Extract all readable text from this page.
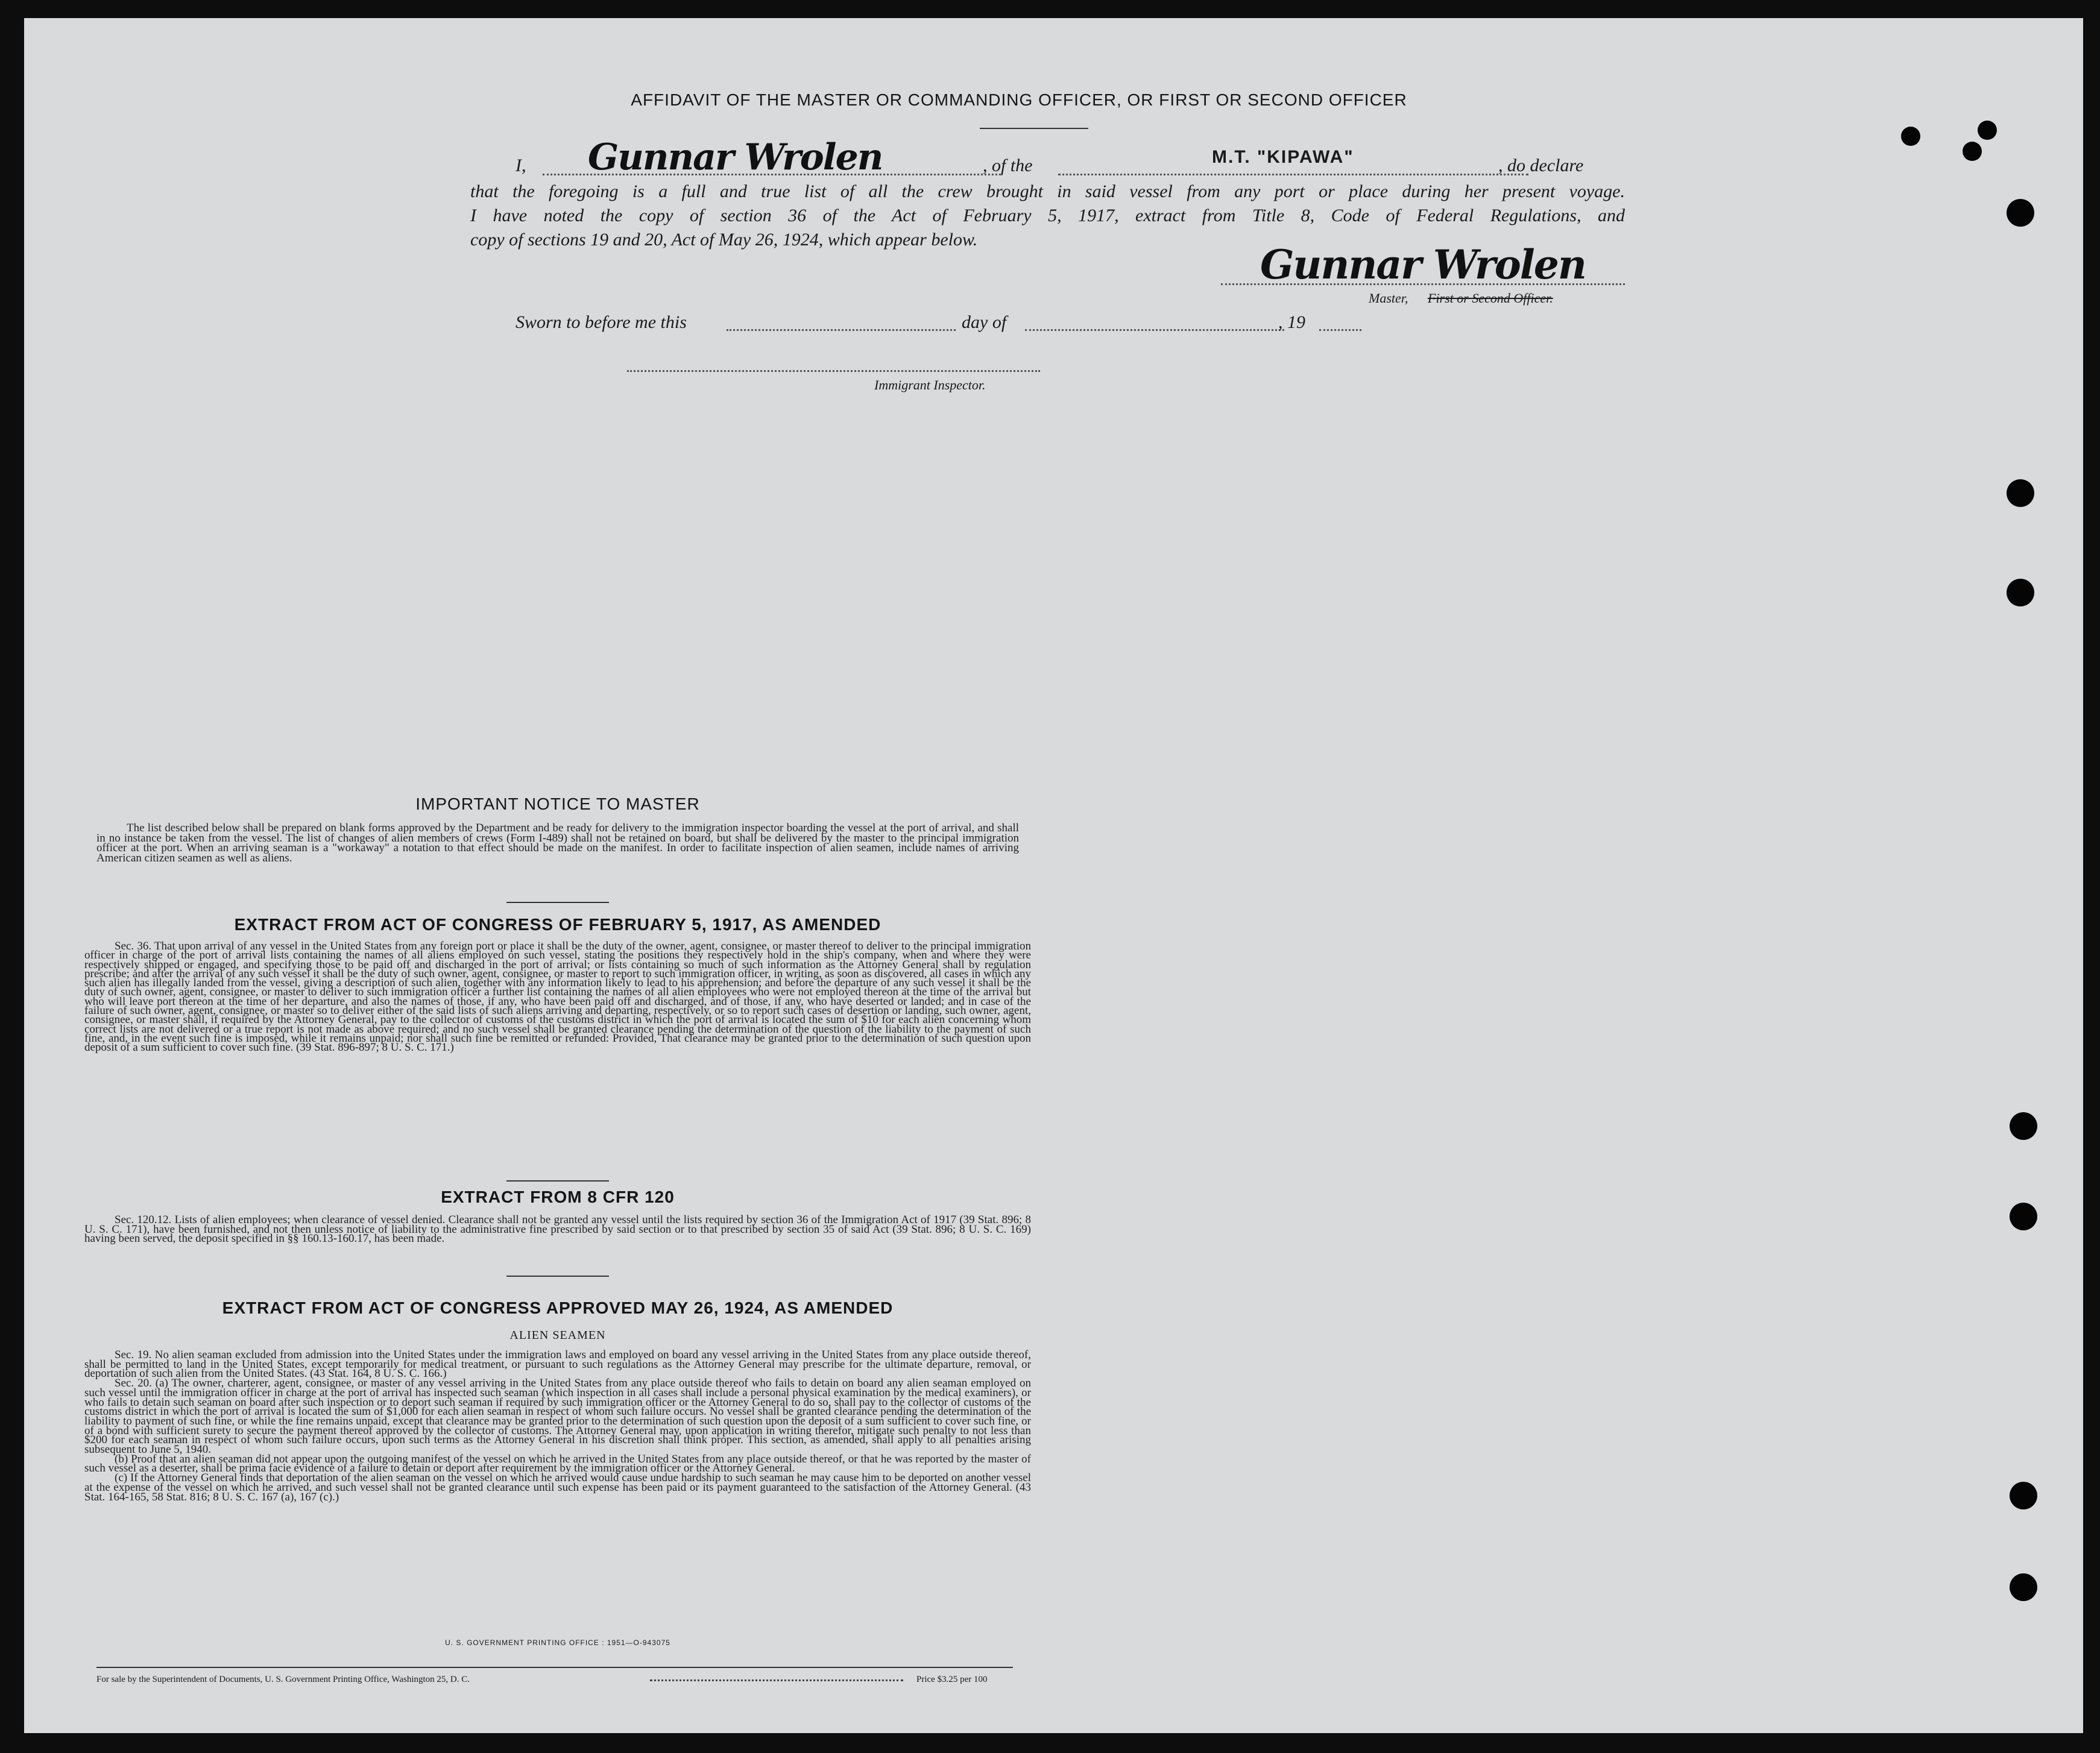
AFFIDAVIT OF THE MASTER OR COMMANDING OFFICER, OR FIRST OR SECOND OFFICER
I, Gunnar Wrolen	, of the	M.T. "KIPAWA"	, do declare
that the foregoing is a full and true list of all the crew brought in said vessel from any port or place during her present voyage.
I have noted the copy of section 36 of the Act of February 5, 1917, extract from Title 8, Code of Federal Regulations, and
copy of sections 19 and 20, Act of May 26, 1924, which appear below.
Gunnar Wrolen
Master, First or Second Officer.
Sworn to before me this	day of	, 19
Immigrant Inspector.
IMPORTANT NOTICE TO MASTER

The list described below shall be prepared on blank forms approved by the Department and be ready for delivery to the immigration inspector boarding the vessel at the port of arrival, and shall in no instance be taken from the vessel. The list of changes of alien members of crews (Form I-489) shall not be retained on board, but shall be delivered by the master to the principal immigration officer at the port. When an arriving seaman is a "workaway" a notation to that effect should be made on the manifest. In order to facilitate inspection of alien seamen, include names of arriving American citizen seamen as well as aliens.

EXTRACT FROM ACT OF CONGRESS OF FEBRUARY 5, 1917, AS AMENDED

Sec. 36. That upon arrival of any vessel in the United States from any foreign port or place it shall be the duty of the owner, agent, consignee, or master thereof to deliver to the principal immigration officer in charge of the port of arrival lists containing the names of all aliens employed on such vessel, stating the positions they respectively hold in the ship's company, when and where they were respectively shipped or engaged, and specifying those to be paid off and discharged in the port of arrival; or lists containing so much of such information as the Attorney General shall by regulation prescribe; and after the arrival of any such vessel it shall be the duty of such owner, agent, consignee, or master to report to such immigration officer, in writing, as soon as discovered, all cases in which any such alien has illegally landed from the vessel, giving a description of such alien, together with any information likely to lead to his apprehension; and before the departure of any such vessel it shall be the duty of such owner, agent, consignee, or master to deliver to such immigration officer a further list containing the names of all alien employees who were not employed thereon at the time of the arrival but who will leave port thereon at the time of her departure, and also the names of those, if any, who have been paid off and discharged, and of those, if any, who have deserted or landed; and in case of the failure of such owner, agent, consignee, or master so to deliver either of the said lists of such aliens arriving and departing, respectively, or so to report such cases of desertion or landing, such owner, agent, consignee, or master shall, if required by the Attorney General, pay to the collector of customs of the customs district in which the port of arrival is located the sum of $10 for each alien concerning whom correct lists are not delivered or a true report is not made as above required; and no such vessel shall be granted clearance pending the determination of the question of the liability to the payment of such fine, and, in the event such fine is imposed, while it remains unpaid; nor shall such fine be remitted or refunded: Provided, That clearance may be granted prior to the determination of such question upon deposit of a sum sufficient to cover such fine. (39 Stat. 896-897; 8 U. S. C. 171.)

EXTRACT FROM 8 CFR 120

Sec. 120.12. Lists of alien employees; when clearance of vessel denied. Clearance shall not be granted any vessel until the lists required by section 36 of the Immigration Act of 1917 (39 Stat. 896; 8 U. S. C. 171), have been furnished, and not then unless notice of liability to the administrative fine prescribed by said section or to that prescribed by section 35 of said Act (39 Stat. 896; 8 U. S. C. 169) having been served, the deposit specified in §§ 160.13-160.17, has been made.

EXTRACT FROM ACT OF CONGRESS APPROVED MAY 26, 1924, AS AMENDED
ALIEN SEAMEN

Sec. 19. No alien seaman excluded from admission into the United States under the immigration laws and employed on board any vessel arriving in the United States from any place outside thereof, shall be permitted to land in the United States, except temporarily for medical treatment, or pursuant to such regulations as the Attorney General may prescribe for the ultimate departure, removal, or deportation of such alien from the United States. (43 Stat. 164, 8 U. S. C. 166.)

Sec. 20. (a) The owner, charterer, agent, consignee, or master of any vessel arriving in the United States from any place outside thereof who fails to detain on board any alien seaman employed on such vessel until the immigration officer in charge at the port of arrival has inspected such seaman (which inspection in all cases shall include a personal physical examination by the medical examiners), or who fails to detain such seaman on board after such inspection or to deport such seaman if required by such immigration officer or the Attorney General to do so, shall pay to the collector of customs of the customs district in which the port of arrival is located the sum of $1,000 for each alien seaman in respect of whom such failure occurs. No vessel shall be granted clearance pending the determination of the liability to payment of such fine, or while the fine remains unpaid, except that clearance may be granted prior to the determination of such question upon the deposit of a sum sufficient to cover such fine, or of a bond with sufficient surety to secure the payment thereof approved by the collector of customs. The Attorney General may, upon application in writing therefor, mitigate such penalty to not less than $200 for each seaman in respect of whom such failure occurs, upon such terms as the Attorney General in his discretion shall think proper. This section, as amended, shall apply to all penalties arising subsequent to June 5, 1940.

(b) Proof that an alien seaman did not appear upon the outgoing manifest of the vessel on which he arrived in the United States from any place outside thereof, or that he was reported by the master of such vessel as a deserter, shall be prima facie evidence of a failure to detain or deport after requirement by the immigration officer or the Attorney General.

(c) If the Attorney General finds that deportation of the alien seaman on the vessel on which he arrived would cause undue hardship to such seaman he may cause him to be deported on another vessel at the expense of the vessel on which he arrived, and such vessel shall not be granted clearance until such expense has been paid or its payment guaranteed to the satisfaction of the Attorney General. (43 Stat. 164-165, 58 Stat. 816; 8 U. S. C. 167 (a), 167 (c).)

U. S. GOVERNMENT PRINTING OFFICE : 1951—O-943075
For sale by the Superintendent of Documents, U. S. Government Printing Office, Washington 25, D. C.	Price $3.25 per 100
